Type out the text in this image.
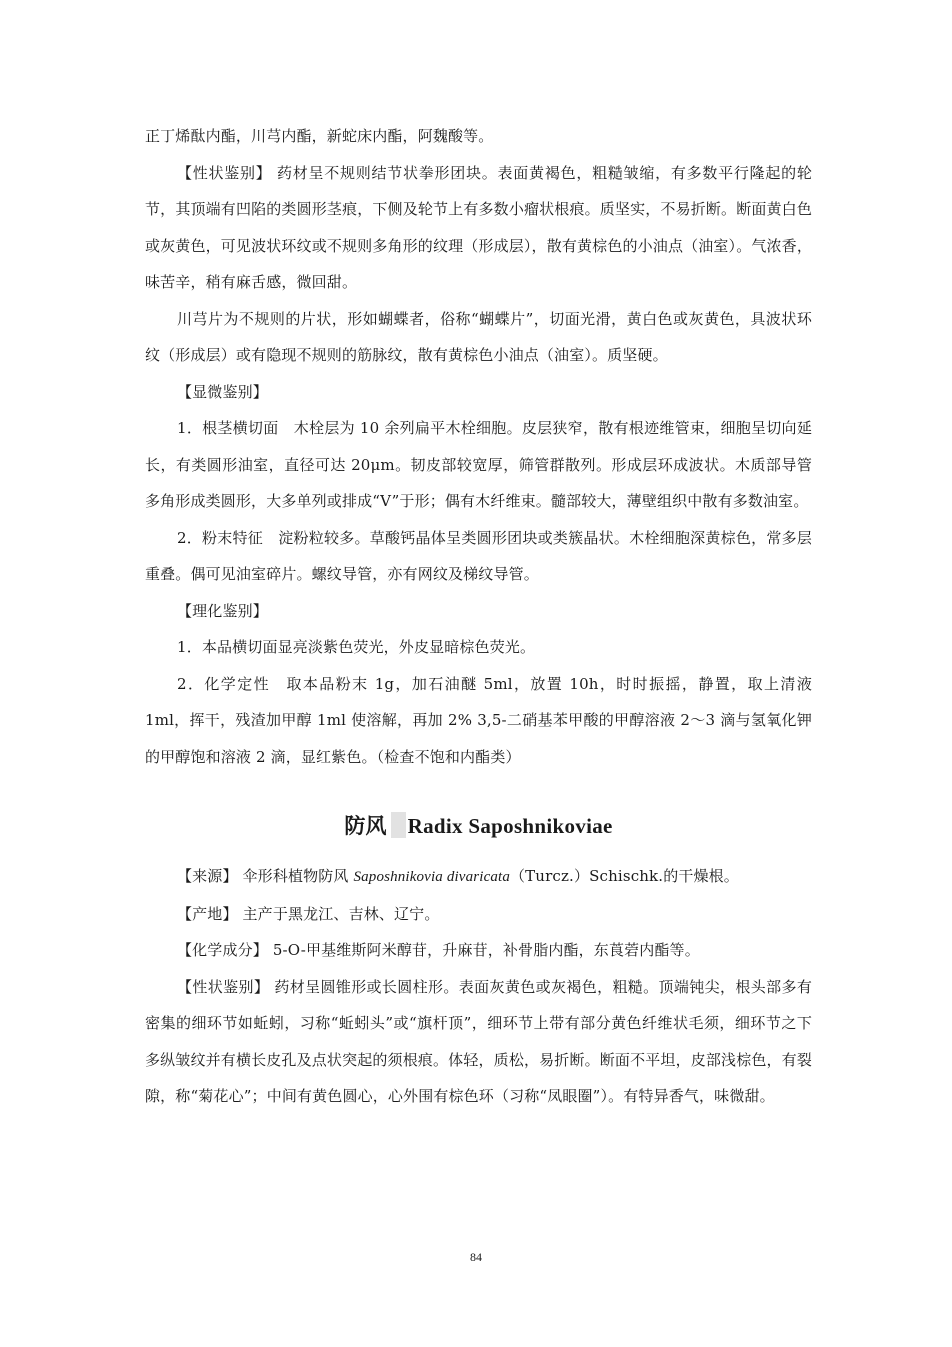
正丁烯酞内酯，川芎内酯，新蛇床内酯，阿魏酸等。

【性状鉴别】 药材呈不规则结节状拳形团块。表面黄褐色，粗糙皱缩，有多数平行隆起的轮节，其顶端有凹陷的类圆形茎痕，下侧及轮节上有多数小瘤状根痕。质坚实，不易折断。断面黄白色或灰黄色，可见波状环纹或不规则多角形的纹理（形成层），散有黄棕色的小油点（油室）。气浓香，味苦辛，稍有麻舌感，微回甜。

川芎片为不规则的片状，形如蝴蝶者，俗称“蝴蝶片”，切面光滑，黄白色或灰黄色，具波状环纹（形成层）或有隐现不规则的筋脉纹，散有黄棕色小油点（油室）。质坚硬。

【显微鉴别】

1．根茎横切面　木栓层为 10 余列扁平木栓细胞。皮层狭窄，散有根迹维管束，细胞呈切向延长，有类圆形油室，直径可达 20μm。韧皮部较宽厚，筛管群散列。形成层环成波状。木质部导管多角形成类圆形，大多单列或排成“V”于形；偶有木纤维束。髓部较大，薄壁组织中散有多数油室。

2．粉末特征　淀粉粒较多。草酸钙晶体呈类圆形团块或类簇晶状。木栓细胞深黄棕色，常多层重叠。偶可见油室碎片。螺纹导管，亦有网纹及梯纹导管。

【理化鉴别】

1．本品横切面显亮淡紫色荧光，外皮显暗棕色荧光。

2．化学定性　取本品粉末 1g，加石油醚 5ml，放置 10h，时时振摇，静置，取上清液 1ml，挥干，残渣加甲醇 1ml 使溶解，再加 2% 3,5-二硝基苯甲酸的甲醇溶液 2～3 滴与氢氧化钾的甲醇饱和溶液 2 滴，显红紫色。（检查不饱和内酯类）

防风 Radix Saposhnikoviae

【来源】 伞形科植物防风 Saposhnikovia divaricata（Turcz.）Schischk.的干燥根。

【产地】 主产于黑龙江、吉林、辽宁。

【化学成分】 5-O-甲基维斯阿米醇苷，升麻苷，补骨脂内酯，东莨菪内酯等。

【性状鉴别】 药材呈圆锥形或长圆柱形。表面灰黄色或灰褐色，粗糙。顶端钝尖，根头部多有密集的细环节如蚯蚓，习称“蚯蚓头”或“旗杆顶”，细环节上带有部分黄色纤维状毛须，细环节之下多纵皱纹并有横长皮孔及点状突起的须根痕。体轻，质松，易折断。断面不平坦，皮部浅棕色，有裂隙，称“菊花心”；中间有黄色圆心，心外围有棕色环（习称“凤眼圈”）。有特异香气，味微甜。

84
